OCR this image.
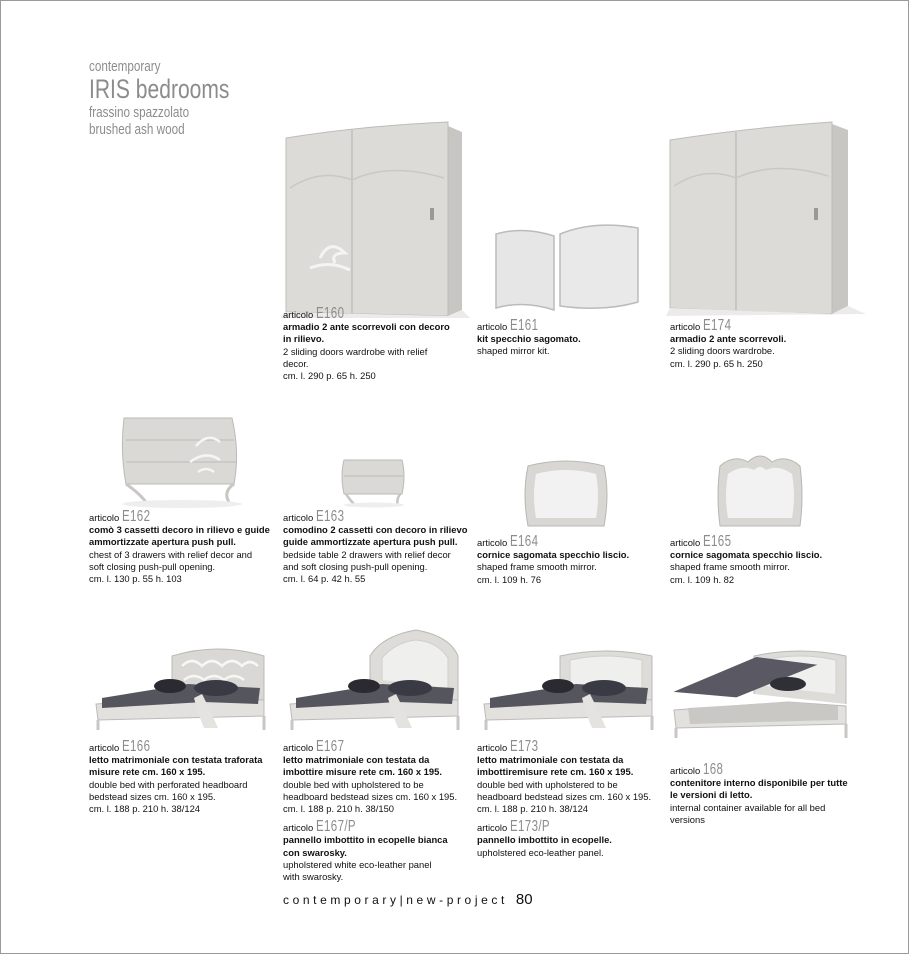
contemporary
IRIS bedrooms
frassino spazzolato
brushed ash wood
articolo E160
armadio 2 ante scorrevoli con decoro in rilievo.
2 sliding doors wardrobe with relief decor.
cm. l. 290 p. 65 h. 250
articolo E161
kit specchio sagomato.
shaped mirror kit.
articolo E174
armadio 2 ante scorrevoli.
2 sliding doors wardrobe.
cm. l. 290 p. 65 h. 250
articolo E162
comò 3 cassetti decoro in rilievo e guide ammortizzate apertura push pull.
chest of 3 drawers with relief decor and soft closing push-pull opening.
cm. l. 130 p. 55 h. 103
articolo E163
comodino 2 cassetti con decoro in rilievo guide ammortizzate apertura push pull.
bedside table 2 drawers with relief decor and soft closing push-pull opening.
cm. l. 64 p. 42 h. 55
articolo E164
cornice sagomata specchio liscio.
shaped frame smooth mirror.
cm. l. 109 h. 76
articolo E165
cornice sagomata specchio liscio.
shaped frame smooth mirror.
cm. l. 109 h. 82
articolo E166
letto matrimoniale con testata traforata misure rete cm. 160 x 195.
double bed with perforated headboard bedstead sizes cm. 160 x 195.
cm. l. 188 p. 210 h. 38/124
articolo E167
letto matrimoniale con testata da imbottire misure rete cm. 160 x 195.
double bed with upholstered to be headboard bedstead sizes cm. 160 x 195.
cm. l. 188 p. 210 h. 38/150
articolo E167/P
pannello imbottito in ecopelle bianca con swarosky.
upholstered white eco-leather panel with swarosky.
articolo E173
letto matrimoniale con testata da imbottiremisure rete cm. 160 x 195.
double bed with upholstered to be headboard bedstead sizes cm. 160 x 195.
cm. l. 188 p. 210 h. 38/124
articolo E173/P
pannello imbottito in ecopelle.
upholstered eco-leather panel.
articolo 168
contenitore interno disponibile per tutte le versioni di letto.
internal container available for all bed versions
contemporary|new-project 80
